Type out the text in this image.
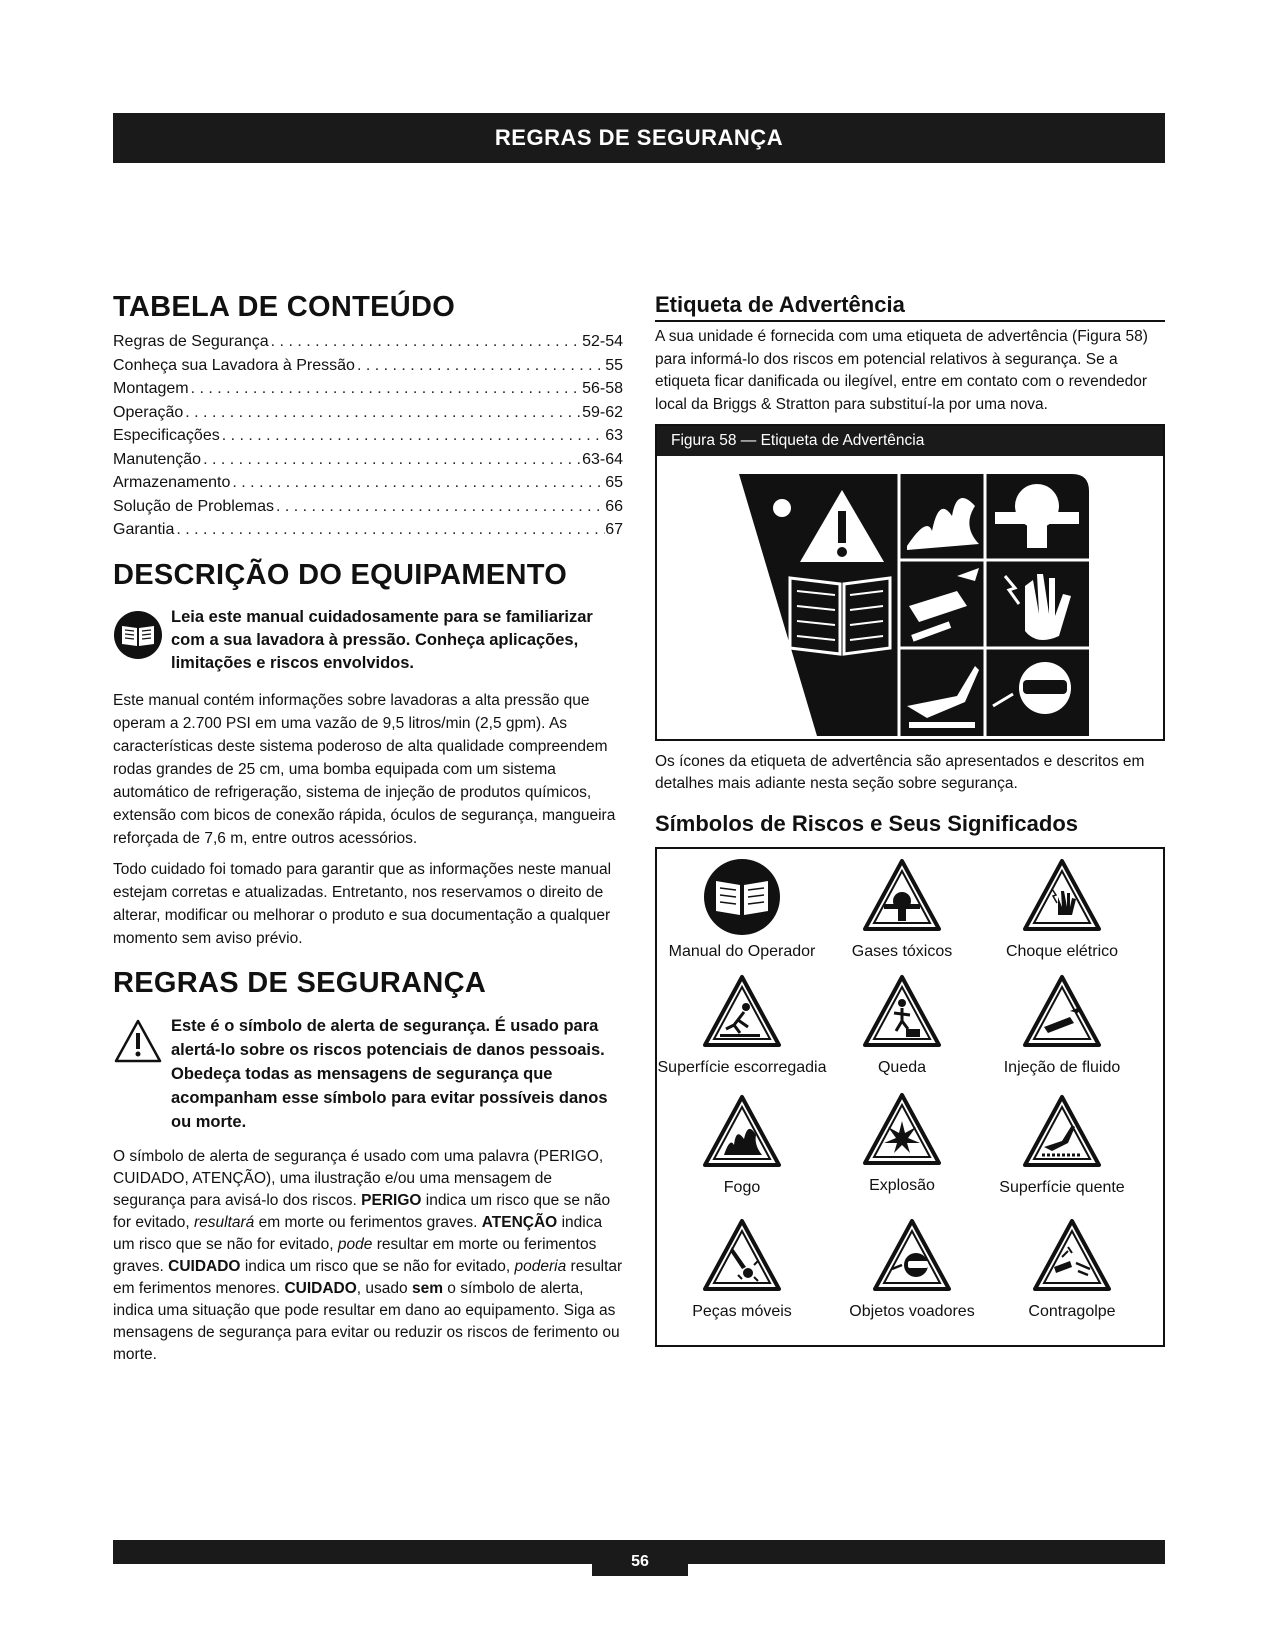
REGRAS DE SEGURANÇA
TABELA DE CONTEÚDO
Regras de Segurança . . .	52-54
Conheça sua Lavadora à Pressão . . .	55
Montagem . . .	56-58
Operação . . .	59-62
Especificações . . .	63
Manutenção . . .	63-64
Armazenamento . . .	65
Solução de Problemas . . .	66
Garantia . . .	67
DESCRIÇÃO DO EQUIPAMENTO
Leia este manual cuidadosamente para se familiarizar com a sua lavadora à pressão. Conheça aplicações, limitações e riscos envolvidos.

Este manual contém informações sobre lavadoras a alta pressão que operam a 2.700 PSI em uma vazão de 9,5 litros/min (2,5 gpm). As características deste sistema poderoso de alta qualidade compreendem rodas grandes de 25 cm, uma bomba equipada com um sistema automático de refrigeração, sistema de injeção de produtos químicos, extensão com bicos de conexão rápida, óculos de segurança, mangueira reforçada de 7,6 m, entre outros acessórios.

Todo cuidado foi tomado para garantir que as informações neste manual estejam corretas e atualizadas. Entretanto, nos reservamos o direito de alterar, modificar ou melhorar o produto e sua documentação a qualquer momento sem aviso prévio.

REGRAS DE SEGURANÇA
Este é o símbolo de alerta de segurança. É usado para alertá-lo sobre os riscos potenciais de danos pessoais. Obedeça todas as mensagens de segurança que acompanham esse símbolo para evitar possíveis danos ou morte.

O símbolo de alerta de segurança é usado com uma palavra (PERIGO, CUIDADO, ATENÇÃO), uma ilustração e/ou uma mensagem de segurança para avisá-lo dos riscos. PERIGO indica um risco que se não for evitado, resultará em morte ou ferimentos graves. ATENÇÃO indica um risco que se não for evitado, pode resultar em morte ou ferimentos graves. CUIDADO indica um risco que se não for evitado, poderia resultar em ferimentos menores. CUIDADO, usado sem o símbolo de alerta, indica uma situação que pode resultar em dano ao equipamento. Siga as mensagens de segurança para evitar ou reduzir os riscos de ferimento ou morte.

Etiqueta de Advertência

A sua unidade é fornecida com uma etiqueta de advertência (Figura 58) para informá-lo dos riscos em potencial relativos à segurança. Se a etiqueta ficar danificada ou ilegível, entre em contato com o revendedor local da Briggs & Stratton para substituí-la por uma nova.

Figura 58 — Etiqueta de Advertência

Os ícones da etiqueta de advertência são apresentados e descritos em detalhes mais adiante nesta seção sobre segurança.

Símbolos de Riscos e Seus Significados
Manual do Operador	Gases tóxicos	Choque elétrico
Superfície escorregadia	Queda	Injeção de fluido
Fogo	Explosão	Superfície quente
Peças móveis	Objetos voadores	Contragolpe
56
